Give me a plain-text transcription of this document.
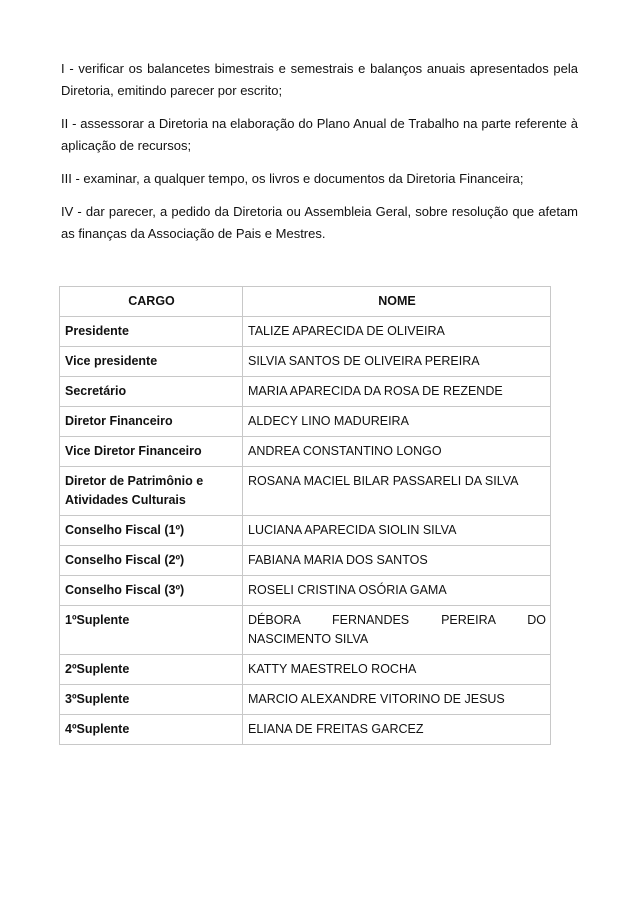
I - verificar os balancetes bimestrais e semestrais e balanços anuais apresentados pela Diretoria, emitindo parecer por escrito;

II - assessorar a Diretoria na elaboração do Plano Anual de Trabalho na parte referente à aplicação de recursos;

III - examinar, a qualquer tempo, os livros e documentos da Diretoria Financeira;

IV - dar parecer, a pedido da Diretoria ou Assembleia Geral, sobre resolução que afetam as finanças da Associação de Pais e Mestres.

CARGO	NOME
Presidente	TALIZE APARECIDA DE OLIVEIRA
Vice presidente	SILVIA SANTOS DE OLIVEIRA PEREIRA
Secretário	MARIA APARECIDA DA ROSA DE REZENDE
Diretor Financeiro	ALDECY LINO MADUREIRA
Vice Diretor Financeiro	ANDREA CONSTANTINO LONGO
Diretor de Patrimônio e Atividades Culturais	ROSANA MACIEL BILAR PASSARELI DA SILVA
Conselho Fiscal (1º)	LUCIANA APARECIDA SIOLIN SILVA
Conselho Fiscal (2º)	FABIANA MARIA DOS SANTOS
Conselho Fiscal (3º)	ROSELI CRISTINA OSÓRIA GAMA
1ºSuplente	DÉBORA FERNANDES PEREIRA DO NASCIMENTO SILVA
2ºSuplente	KATTY MAESTRELO ROCHA
3ºSuplente	MARCIO ALEXANDRE VITORINO DE JESUS
4ºSuplente	ELIANA DE FREITAS GARCEZ
